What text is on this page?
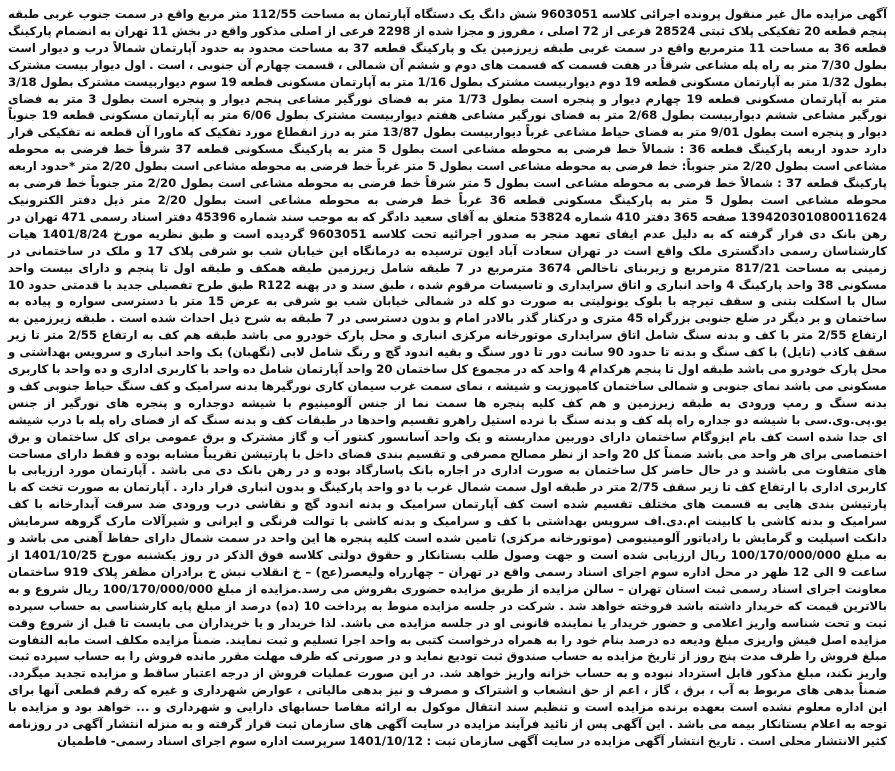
آگهی مزایده مال غیر منقول پرونده اجرائی کلاسه 9603051 شش دانگ یک دستگاه آپارتمان به مساحت 112/55 متر مربع واقع در سمت جنوب غربی طبقه پنجم قطعه 20 تفکیکی پلاک ثبتی 28524 فرعی از 72 اصلی ، مفروز و مجزا شده از 2298 فرعی از اصلی مذکور واقع در بخش 11 تهران به انضمام پارکینگ قطعه 36 به مساحت 11 مترمربع واقع در سمت غربی طبقه زیرزمین یک و پارکینگ قطعه 37 به مساحت محدود به حدود آپارتمان شمالاً درب و دیوار است بطول 7/30 متر به راه پله مشاعی شرقاً در هفت قسمت که قسمت های دوم و ششم آن شمالی ، قسمت چهارم آن جنوبی ، است . اول دیوار بیست مشترک بطول 1/32 متر به آپارتمان مسکونی قطعه 19 دوم دیواربیست مشترک بطول 1/16 متر به آپارتمان مسکونی قطعه 19 سوم دیواربیست مشترک بطول 3/18 متر به آپارتمان مسکونی قطعه 19 چهارم دیوار و پنجره است بطول 1/73 متر به فضای نورگیر مشاعی پنجم دیوار و پنجره است بطول 3 متر به فضای نورگیر مشاعی ششم دیواربیست بطول 2/68 متر به فضای نورگیر مشاعی هفتم دیواربیست مشترک بطول 6/06 متر به آپارتمان مسکونی قطعه 19 جنوباً دیوار و پنجره است بطول 9/01 متر به فضای حیاط مشاعی غرباً دیواربیست بطول 13/87 متر به درز انقطاع مورد تفکیک که ماورا آن قطعه نه تفکیکی قرار دارد حدود اربعه پارکینگ قطعه 36 : شمالاً خط فرضی به محوطه مشاعی است بطول 5 متر به پارکینگ مسکونی قطعه 37 شرقاً خط فرضی به محوطه مشاعی است بطول 2/20 متر جنوباً: خط فرضی به محوطه مشاعی است بطول 5 متر غرباً خط فرضی به محوطه مشاعی است بطول 2/20 متر *حدود اربعه پارکینگ قطعه 37 : شمالاً خط فرضی به محوطه مشاعی است بطول 5 متر شرقاً خط فرضی به محوطه مشاعی است بطول 2/20 متر جنوباً خط فرضی به محوطه مشاعی است بطول 5 متر به پارکینگ مسکونی قطعه 36 غرباً خط فرضی به محوطه مشاعی است بطول 2/20 متر ذیل دفتر الکترونیک 139420301080011624 صفحه 365 دفتر 410 شماره 53824 متعلق به آقای سعید دادگر که به موجب سند شماره 45396 دفتر اسناد رسمی 471 تهران در رهن بانک دی قرار گرفته که به دلیل عدم ایفای تعهد منجر به صدور اجرائیه تحت کلاسه 9603051 گردیده است و طبق نظریه مورخ 1401/8/24 هیات کارشناسان رسمی دادگستری ملک واقع است در تهران سعادت آباد ایون ترسیده به درمانگاه این خیابان شب بو شرقی پلاک 17 و ملک در ساختمانی در زمینی به مساحت 817/21 مترمربع و زیربنای ناخالص 3674 مترمربع در 7 طبقه شامل زیرزمین طبقه همکف و طبقه اول تا پنجم و دارای بیست واحد مسکونی 38 واحد پارکینگ 4 واحد انباری و اتاق سرایداری و تاسیسات مرقوم شده ، طبق سند و در پهنه R122 طبق طرح تفصیلی جدید با قدمتی حدود 10 سال با اسکلت بتنی و سقف تیرچه با بلوک یونولیتی به صورت دو کله در شمالی خیابان شب بو شرقی به عرض 15 متر با دسترسی سواره و پیاده به ساختمان و بر دیگر در ضلع جنوبی بزرگراه 45 متری و درکنار گذر بالادر امام و بدون دسترسی در 7 طبقه به شرح ذیل احداث شده است . طبقه زیرزمین به ارتفاع 2/55 متر با کف و بدنه سنگ شامل اتاق سرایداری موتورخانه مرکزی انباری و محل پارک خودرو می باشد طبقه هم کف به ارتفاع 2/55 متر تا زیر سقف کاذب (تایل) با کف سنگ و بدنه تا حدود 90 سانت دور تا دور سنگ و بقیه اندود گچ و رنگ شامل لابی (نگهبان) یک واحد انباری و سرویس بهداشتی و محل پارک خودرو می باشد طبقه اول تا پنجم هرکدام 4 واحد که در مجموع کل ساختمان 20 واحد آپارتمان شامل ده واحد با کاربری اداری و ده واحد با کاربری مسکونی می باشد نمای جنوبی و شمالی ساختمان کامپوزیت و شیشه ، نمای سمت غرب سیمان کاری نورگیرها بدنه سرامیک و کف سنگ حیاط جنوبی کف و بدنه سنگ و رمپ ورودی به طبقه زیرزمین و هم کف کلیه پنجره ها سمت نما از جنس آلومینیوم با شیشه دوجداره و پنجره های نورگیر از جنس یو.پی.وی.سی با شیشه دو جداره راه پله کف و بدنه سنگ با نرده استیل راهرو تقسیم واحدها در طبقات کف و بدنه سنگ که از فضای راه پله با درب شیشه ای جدا شده است کف بام ایزوگام ساختمان دارای دوربین مداربسته و یک واحد آسانسور کنتور آب و گاز مشترک و برق عمومی برای کل ساختمان و برق اختصاصی برای هر واحد می باشد ضمناً کل 20 واحد از نظر مصالح مصرفی و تقسیم بندی فضای داخل با پارتیشن تقریباً مشابه بوده و فقط دارای مساحت های متفاوت می باشند و در حال حاضر کل ساختمان به صورت اداری در اجاره بانک پاسارگاد بوده و در رهن بانک دی می باشد . آپارتمان مورد ارزیابی با کاربری اداری با ارتفاع کف تا زیر سقف 2/75 متر در طبقه اول سمت شمال غرب با دو واحد پارکینگ و بدون انباری قرار دارد . آپارتمان به صورت تخت که با پارتیشن بندی هایی به قسمت های مختلف تقسیم شده است کف آپارتمان سرامیک و بدنه اندود گچ و نقاشی درب ورودی ضد سرقت آبدارخانه با کف سرامیک و بدنه کاشی با کابینت ام.دی.اف سرویس بهداشتی با کف و سرامیک و بدنه کاشی با توالت فرنگی و ایرانی و شیرآلات مارک گروهه سرمایش دانکت اسپلیت و گرمایش با رادیاتور آلومینیومی (موتورخانه مرکزی) تامین شده است کلیه پنجره ها این واحد در سمت شمال دارای حفاظ آهنی می باشد و به مبلغ 100/170/000/000 ریال ارزیابی شده است و جهت وصول طلب بستانکار و حقوق دولتی کلاسه فوق الذکر در روز یکشنبه مورخ 1401/10/25 از ساعت 9 الی 12 ظهر در محل اداره سوم اجرای اسناد رسمی واقع در تهران – چهارراه ولیعصر(عج) – خ انقلاب نبش خ برادران مظفر پلاک 919 ساختمان معاونت اجرای اسناد رسمی ثبت استان تهران – سالن مزایده از طریق مزایده حضوری بفروش می رسد.مزایده از مبلغ 100/170/000/000 ریال شروع و به بالاترین قیمت که خریدار داشته باشد فروخته خواهد شد . شرکت در جلسه مزایده منوط به پرداخت 10 (ده) درصد از مبلغ پایه کارشناسی به حساب سپرده ثبت و تحت شناسه واریز اعلامی و حضور خریدار یا نماینده قانونی او در جلسه مزایده می باشد. لذا خریدار و یا خریداران می بایست تا قبل از شروع وقت مزایده اصل فیش واریزی مبلغ ودیعه ده درصد بنام خود را به همراه درخواست کتبی به واحد اجرا تسلیم و ثبت نمایند. ضمناً مزایده مکلف است مابه التفاوت مبلغ فروش را ظرف مدت پنج روز از تاریخ مزایده به حساب صندوق ثبت تودیع نماید و در صورتی که ظرف مهلت مقرر مانده فروش را به حساب سپرده ثبت واریز نکند، مبلغ مذکور قابل استرداد نبوده و به حساب خزانه واریز خواهد شد. در این صورت عملیات فروش از درجه اعتبار ساقط و مزایده تجدید میگردد. ضمناً بدهی های مربوط به آب ، برق ، گاز ، اعم از حق انشعاب و اشتراک و مصرف و نیز بدهی مالیاتی ، عوارض شهرداری و غیره که رقم قطعی آنها برای این اداره معلوم نشده است بعهده برنده مزایده است و تنظیم سند انتقال موکول به ارائه مفاصا حسابهای دارایی و شهرداری و ... خواهد بود و مزایده با توجه به اعلام بستانکار بیمه می باشد . این آگهی پس از تائید فرآیند مزایده در سایت آگهی های سازمان ثبت قرار گرفته و به منزله انتشار آگهی در روزنامه کثیر الانتشار محلی است . تاریخ انتشار آگهی مزایده در سایت آگهی سازمان ثبت : 1401/10/12 سرپرست اداره سوم اجرای اسناد رسمی- فاطمیان
